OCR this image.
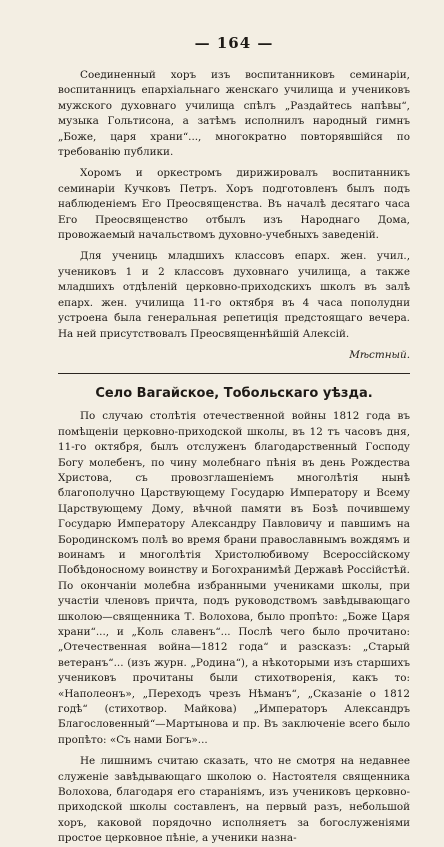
— 164 —

Соединенный хоръ изъ воспитанниковъ семинаріи, воспитанницъ епархіальнаго женскаго училища и учениковъ мужского духовнаго училища спѣлъ „Раздайтесь напѣвы“, музыка Гольтисона, а затѣмъ исполнилъ народный гимнъ „Боже, царя храни“..., многократно повторявшійся по требованію публики.

Хоромъ и оркестромъ дирижировалъ воспитанникъ семинаріи Кучковъ Петръ. Хоръ подготовленъ былъ подъ наблюденіемъ Его Преосвященства. Въ началѣ десятаго часа Его Преосвященство отбылъ изъ Народнаго Дома, провожаемый начальствомъ духовно-учебныхъ заведеній.

Для учениць младшихъ классовъ епарх. жен. учил., учениковъ 1 и 2 классовъ духовнаго училища, а также младшихъ отдѣленій церковно-приходскихъ школъ въ залѣ епарх. жен. училища 11-го октября въ 4 часа пополудни устроена была генеральная репетиція предстоящаго вечера. На ней присутствовалъ Преосвященнѣйшій Алексій.

Мѣстный.
Село Вагайское, Тобольскаго уѣзда.

По случаю столѣтія отечественной войны 1812 года въ помѣщеніи церковно-приходской школы, въ 12 тъ часовъ дня, 11-го октября, былъ отслуженъ благодарственный Господу Богу молебенъ, по чину молебнаго пѣнія въ день Рождества Христова, съ провозглашеніемъ многолѣтія нынѣ благополучно Царствующему Государю Императору и Всему Царствующему Дому, вѣчной памяти въ Бозѣ почившему Государю Императору Александру Павловичу и павшимъ на Бородинскомъ полѣ во время брани православнымъ вождямъ и воинамъ и многолѣтія Христолюбивому Всероссійскому Побѣдоносному воинству и Богохранимѣй Державѣ Россійстѣй. По окончаніи молебна избранными учениками школы, при участіи членовъ причта, подъ руководствомъ завѣдывающаго школою—священника Т. Волохова, было пропѣто: „Боже Царя храни“..., и „Коль славенъ“... Послѣ чего было прочитано: „Отечественная война—1812 года“ и разсказъ: „Старый ветеранъ“... (изъ журн. „Родина“), а нѣкоторыми изъ старшихъ учениковъ прочитаны были стихотворенія, какъ то: «Наполеонъ», „Переходъ чрезъ Нѣманъ“, „Сказаніе о 1812 годѣ“ (стихотвор. Майкова) „Императоръ Александръ Благословенный“—Мартынова и пр. Въ заключеніе всего было пропѣто: «Съ нами Богъ»...

Не лишнимъ считаю сказать, что не смотря на недавнее служеніе завѣдывающаго школою о. Настоятеля священника Волохова, благодаря его стараніямъ, изъ учениковъ церковно-приходской школы составленъ, на первый разъ, небольшой хоръ, каковой порядочно исполняетъ за богослуженіями простое церковное пѣніе, а ученики назна-
